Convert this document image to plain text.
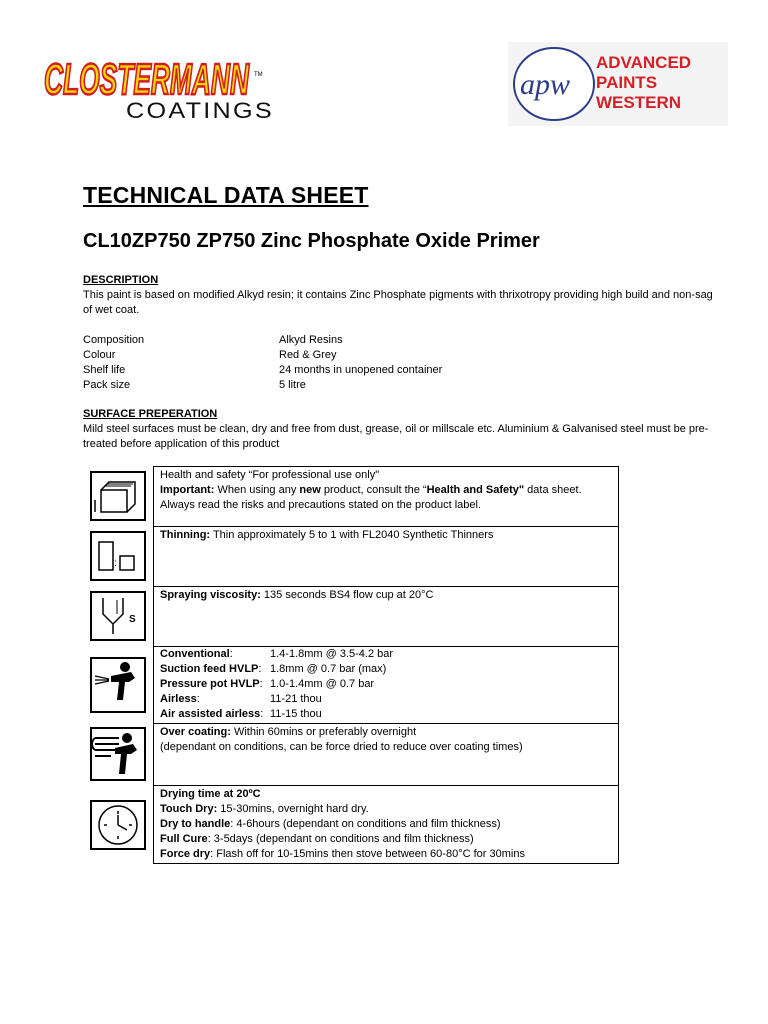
CLOSTERMANN TM
COATINGS
apw
ADVANCED
PAINTS
WESTERN
TECHNICAL DATA SHEET
CL10ZP750 ZP750 Zinc Phosphate Oxide Primer
DESCRIPTION
This paint is based on modified Alkyd resin; it contains Zinc Phosphate pigments with thrixotropy providing high build and non-sag of wet coat.
Composition	Alkyd Resins
Colour	Red & Grey
Shelf life	24 months in unopened container
Pack size	5 litre
SURFACE PREPERATION
Mild steel surfaces must be clean, dry and free from dust, grease, oil or millscale etc. Aluminium & Galvanised steel must be pre-treated before application of this product
Health and safety “For professional use only"
Important: When using any new product, consult the “Health and Safety" data sheet. Always read the risks and precautions stated on the product label.
:
Thinning: Thin approximately 5 to 1 with FL2040 Synthetic Thinners
S
Spraying viscosity: 135 seconds BS4 flow cup at 20°C
Conventional:	1.4-1.8mm @ 3.5-4.2 bar
Suction feed HVLP: 1.8mm @ 0.7 bar (max)
Pressure pot HVLP: 1.0-1.4mm @ 0.7 bar
Airless:	11-21 thou
Air assisted airless: 11-15 thou
Over coating: Within 60mins or preferably overnight
(dependant on conditions, can be force dried to reduce over coating times)
Drying time at 20ºC
Touch Dry: 15-30mins, overnight hard dry.
Dry to handle: 4-6hours (dependant on conditions and film thickness)
Full Cure: 3-5days (dependant on conditions and film thickness)
Force dry: Flash off for 10-15mins then stove between 60-80°C for 30mins
